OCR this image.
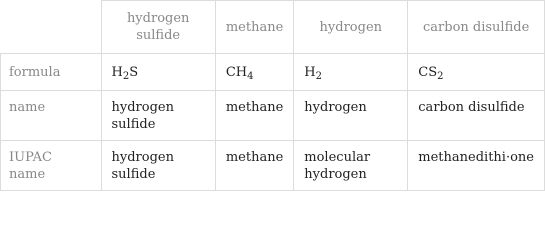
	hydrogen sulfide	methane	hydrogen	carbon disulfide
formula	$H_2S$	$CH_4$	$H_2$	$CS_2$
name	hydrogen sulfide	methane	hydrogen	carbon disulfide
IUPAC name	hydrogen sulfide	methane	molecular hydrogen	methanedithi·one
